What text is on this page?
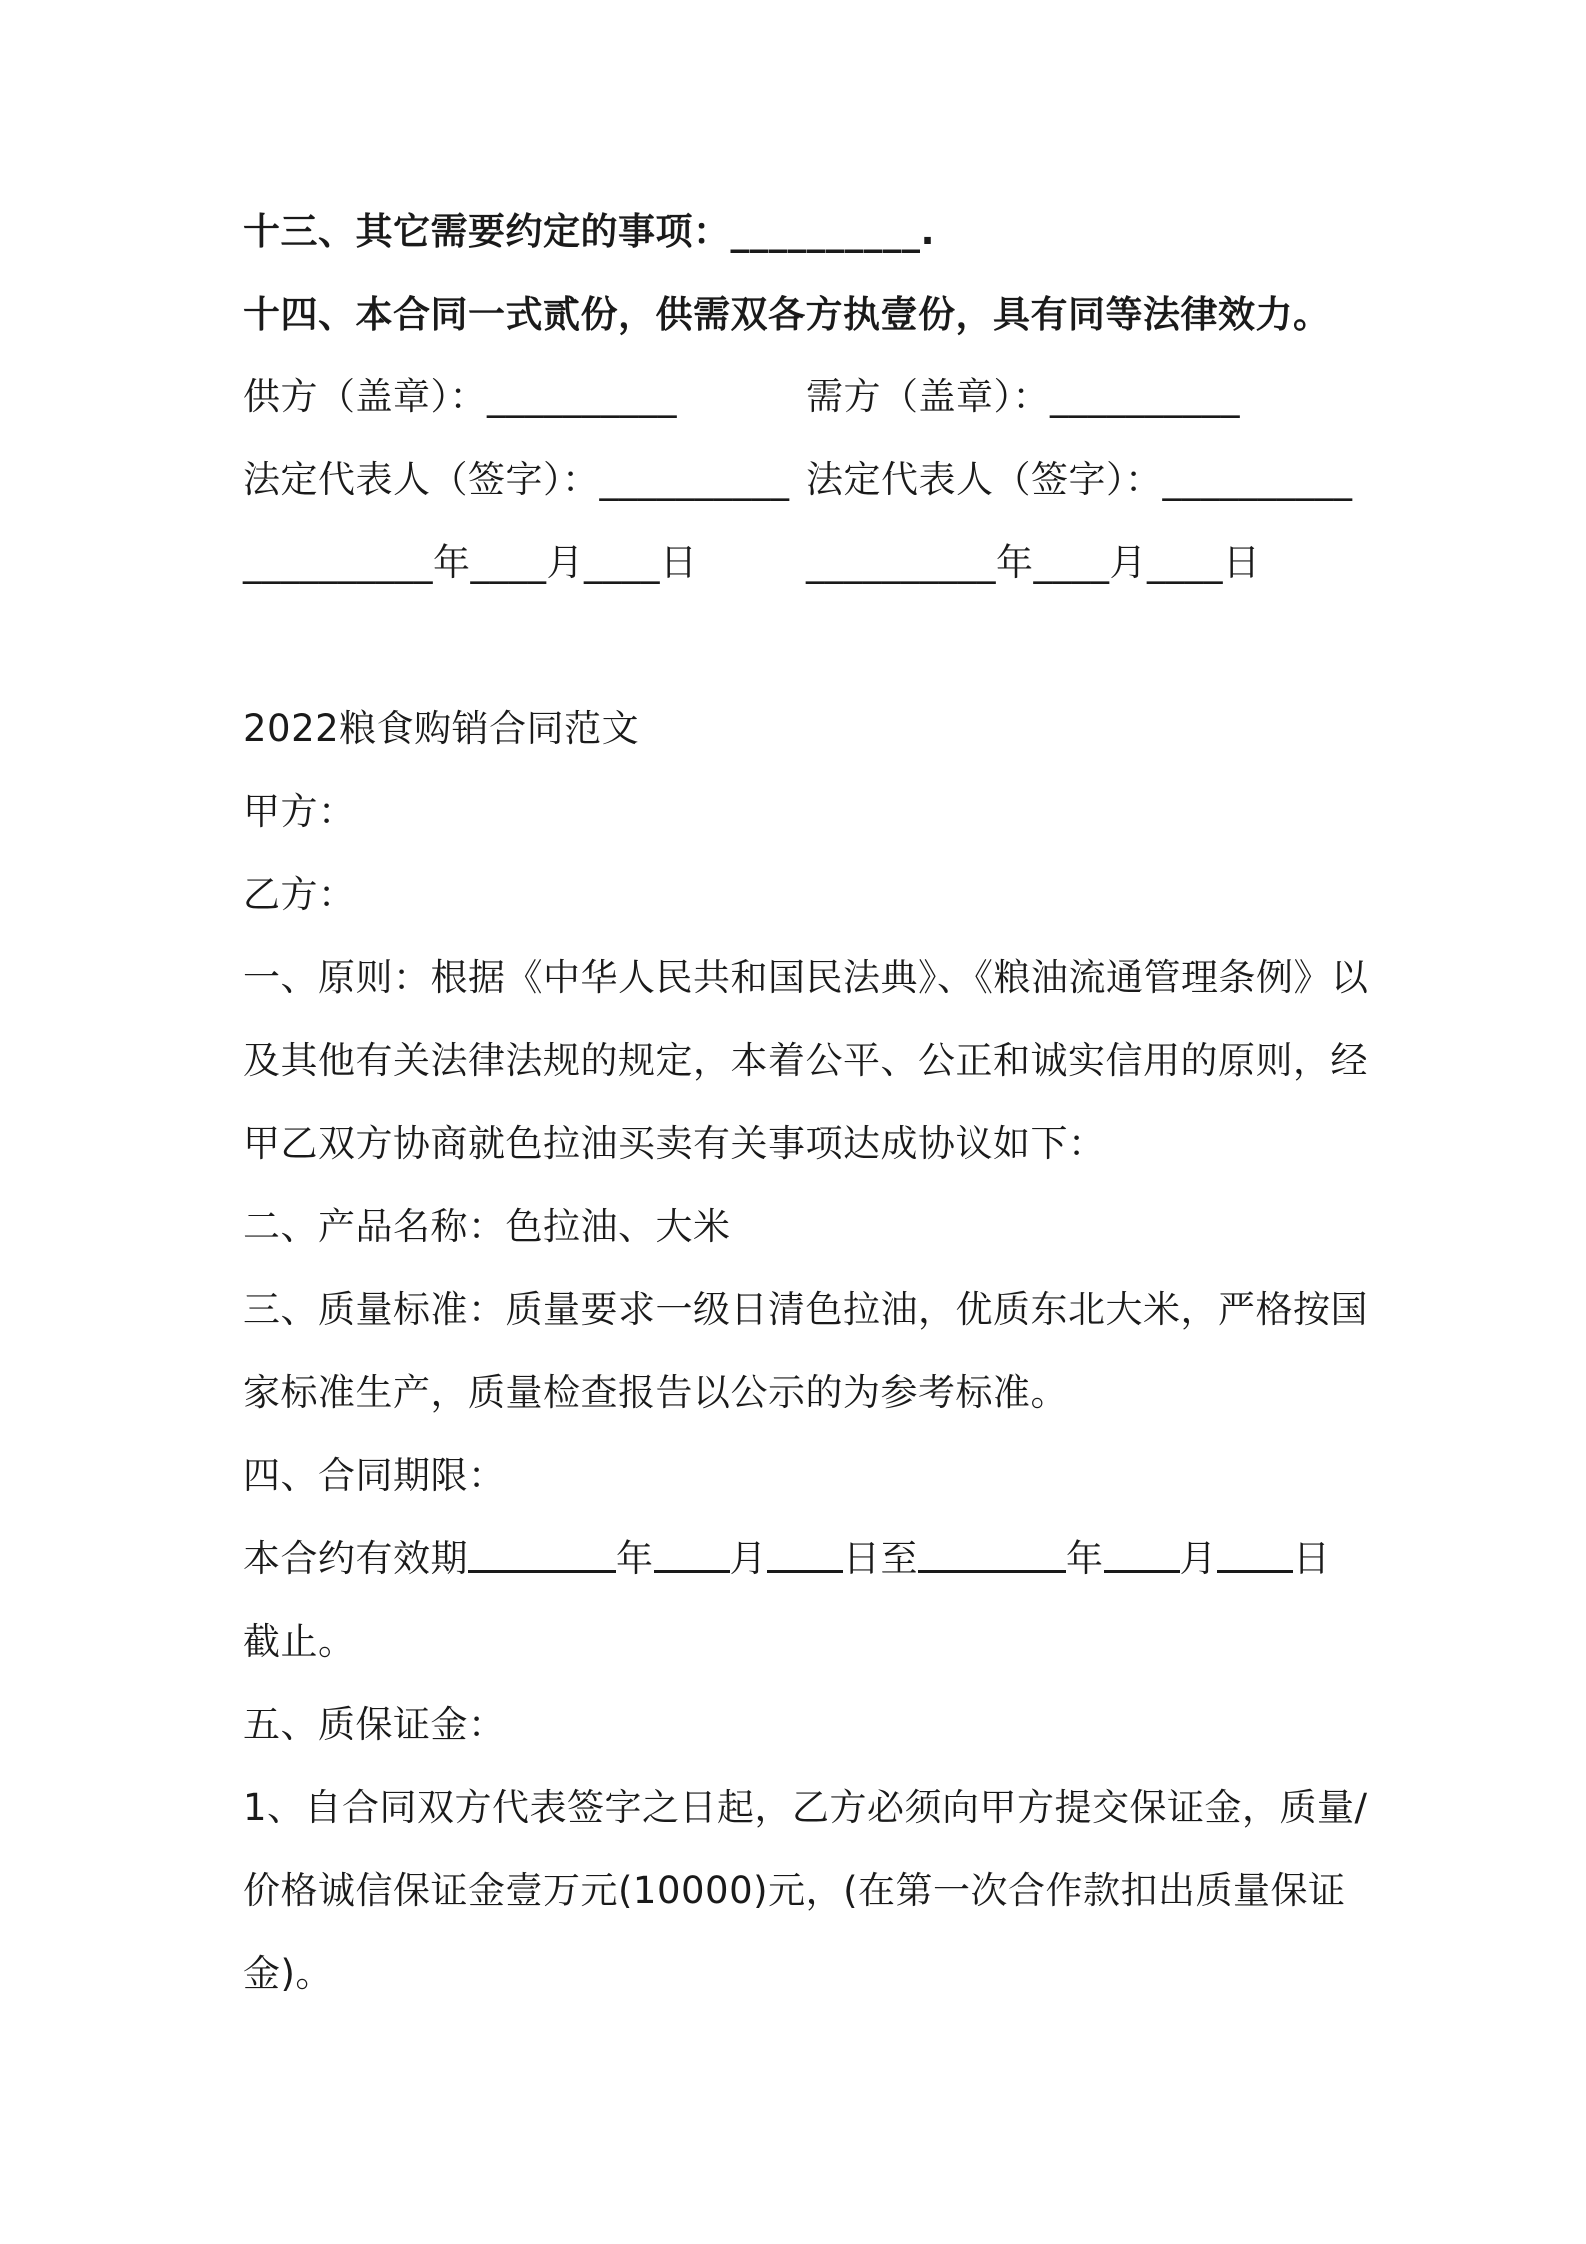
十三、其它需要约定的事项：__________.
十四、本合同一式贰份，供需双各方执壹份，具有同等法律效力。
供方（盖章）：__________	需方（盖章）：__________
法定代表人（签字）：__________ 法定代表人（签字）：__________
__________年____月____日	__________年____月____日
2022粮食购销合同范文
甲方：
乙方：
一、原则：根据《中华人民共和国民法典》、《粮油流通管理条例》以
及其他有关法律法规的规定，本着公平、公正和诚实信用的原则，经
甲乙双方协商就色拉油买卖有关事项达成协议如下：
二、产品名称：色拉油、大米
三、质量标准：质量要求一级日清色拉油，优质东北大米，严格按国
家标准生产，质量检查报告以公示的为参考标准。
四、合同期限：
本合约有效期	年 月 日至	年 月 日
截止。
五、质保证金：
1、自合同双方代表签字之日起，乙方必须向甲方提交保证金，质量/
价格诚信保证金壹万元(10000)元，(在第一次合作款扣出质量保证
金)。
